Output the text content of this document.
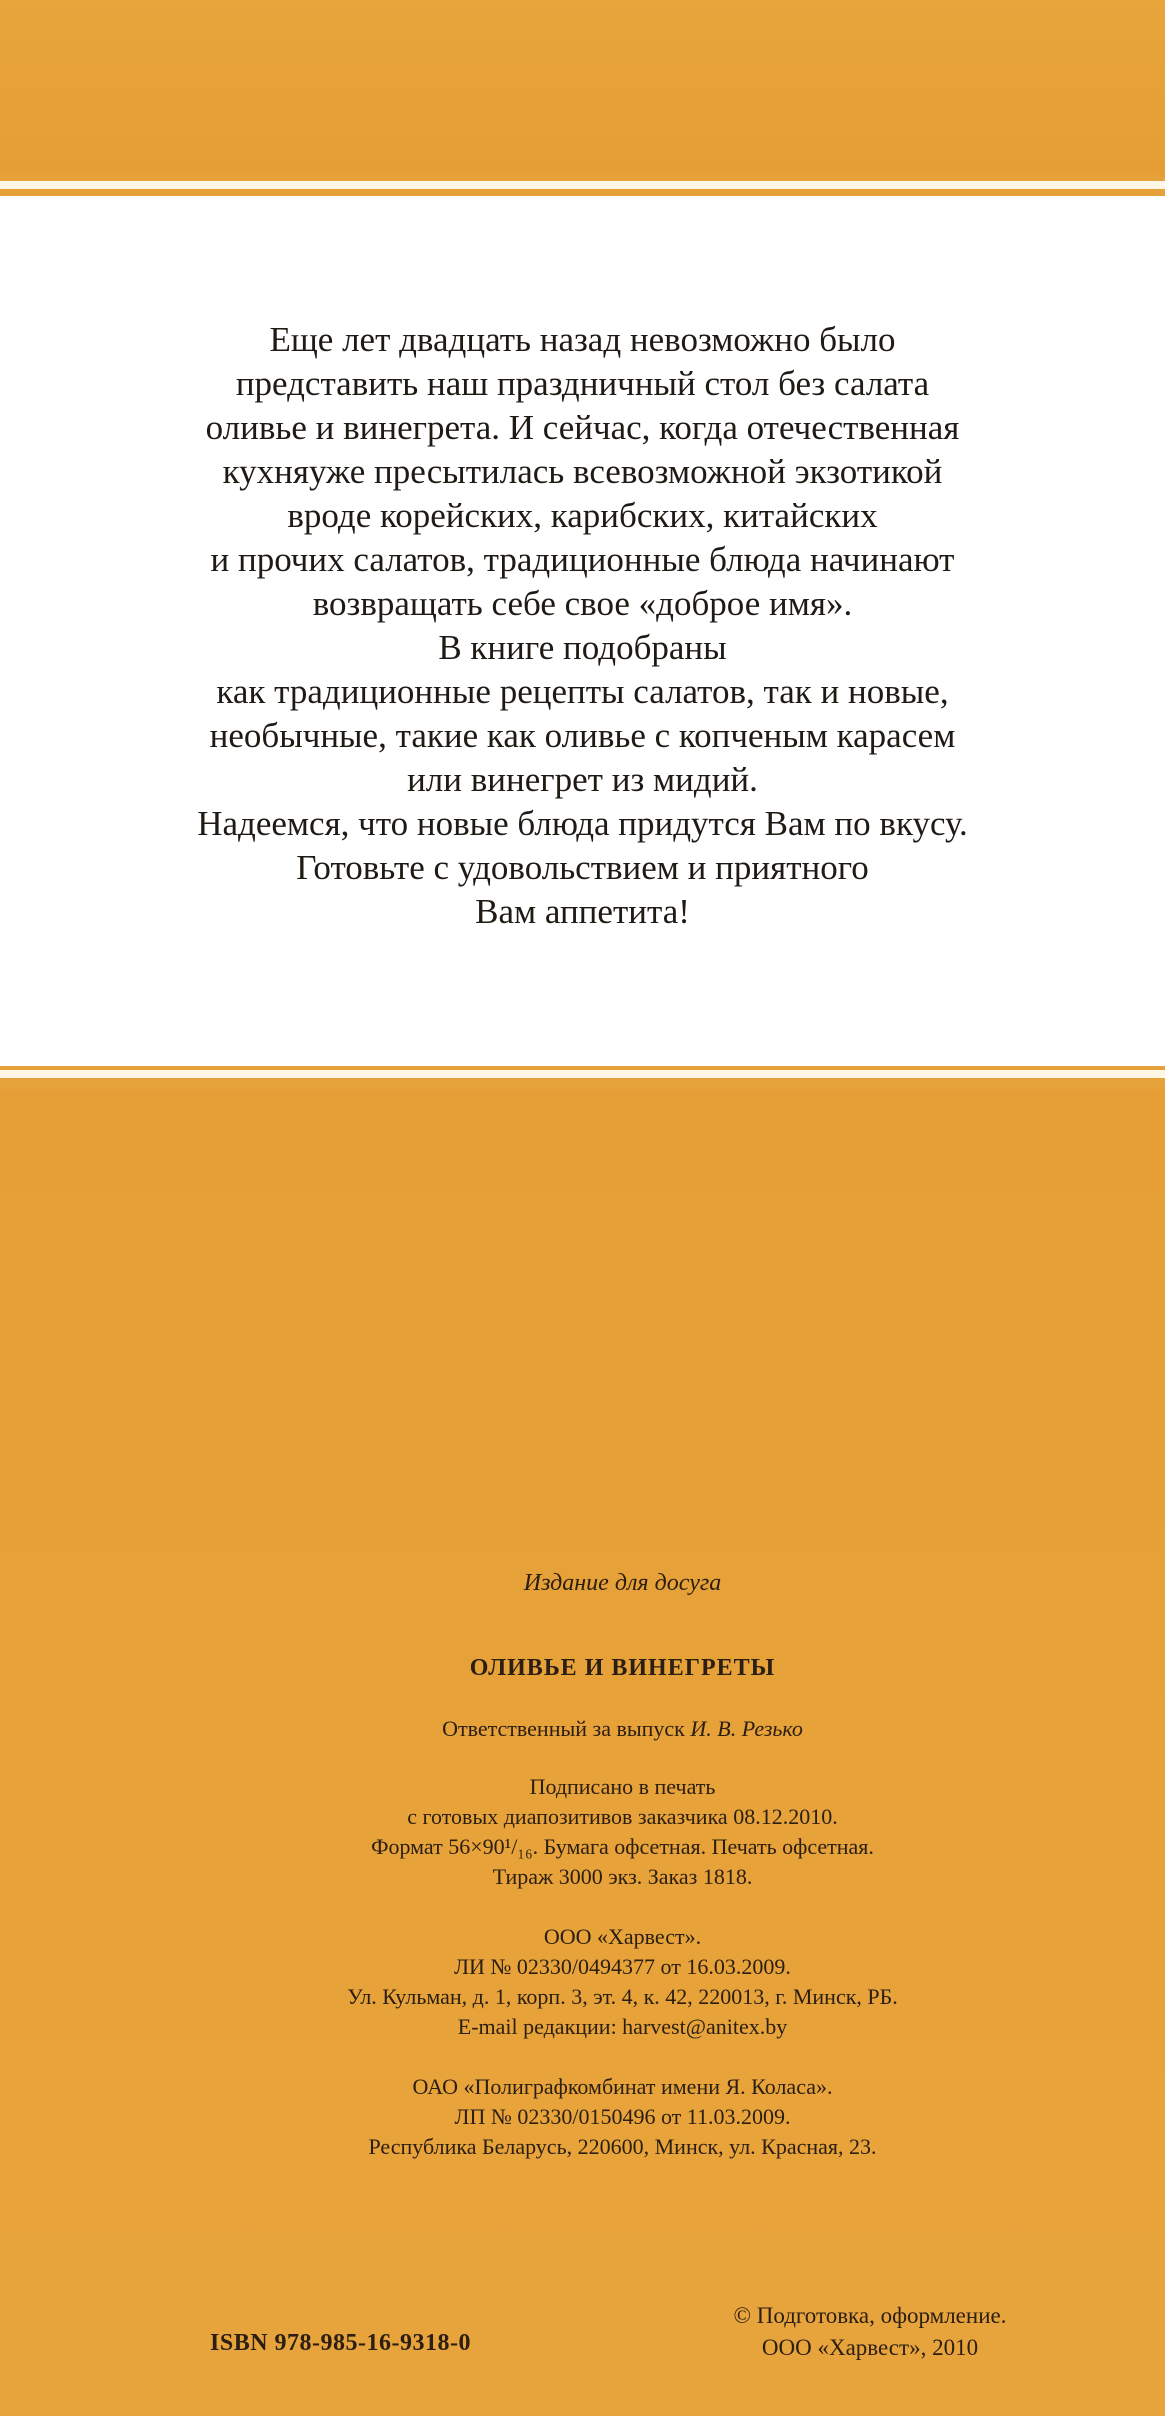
Еще лет двадцать назад невозможно было
представить наш праздничный стол без салата
оливье и винегрета. И сейчас, когда отечественная
кухняуже пресытилась всевозможной экзотикой
вроде корейских, карибских, китайских
и прочих салатов, традиционные блюда начинают
возвращать себе свое «доброе имя».
В книге подобраны
как традиционные рецепты салатов, так и новые,
необычные, такие как оливье с копченым карасем
или винегрет из мидий.
Надеемся, что новые блюда придутся Вам по вкусу.
Готовьте с удовольствием и приятного
Вам аппетита!
Издание для досуга
ОЛИВЬЕ И ВИНЕГРЕТЫ
Ответственный за выпуск И. В. Резько
Подписано в печать
с готовых диапозитивов заказчика 08.12.2010.
Формат 56×90¹/₁₆. Бумага офсетная. Печать офсетная.
Тираж 3000 экз. Заказ 1818.
ООО «Харвест».
ЛИ № 02330/0494377 от 16.03.2009.
Ул. Кульман, д. 1, корп. 3, эт. 4, к. 42, 220013, г. Минск, РБ.
E-mail редакции: harvest@anitex.by
ОАО «Полиграфкомбинат имени Я. Коласа».
ЛП № 02330/0150496 от 11.03.2009.
Республика Беларусь, 220600, Минск, ул. Красная, 23.
ISBN 978-985-16-9318-0
© Подготовка, оформление.
ООО «Харвест», 2010
